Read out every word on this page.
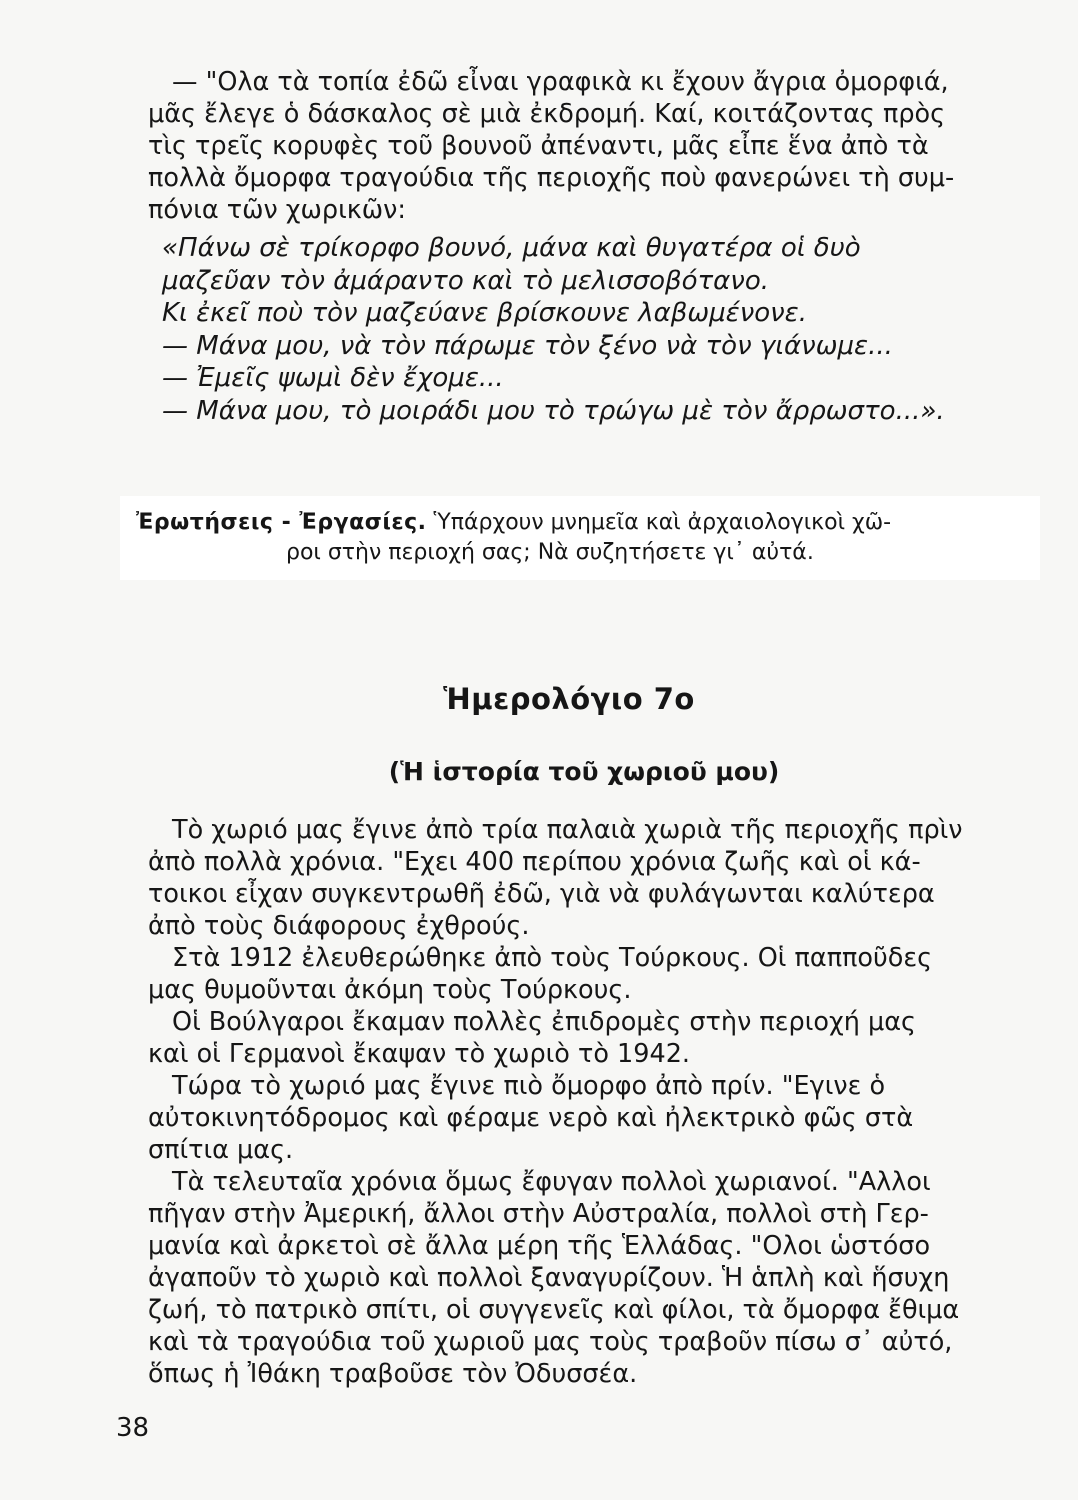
— "Ολα τὰ τοπία ἐδῶ εἶναι γραφικὰ κι ἔχουν ἄγρια ὀμορφιά,
μᾶς ἔλεγε ὁ δάσκαλος σὲ μιὰ ἐκδρομή. Καί, κοιτάζοντας πρὸς
τὶς τρεῖς κορυφὲς τοῦ βουνοῦ ἀπέναντι, μᾶς εἶπε ἕνα ἀπὸ τὰ
πολλὰ ὄμορφα τραγούδια τῆς περιοχῆς ποὺ φανερώνει τὴ συμ-
πόνια τῶν χωρικῶν:
«Πάνω σὲ τρίκορφο βουνό, μάνα καὶ θυγατέρα οἱ δυὸ
μαζεῦαν τὸν ἀμάραντο καὶ τὸ μελισσοβότανο.
Κι ἐκεῖ ποὺ τὸν μαζεύανε βρίσκουνε λαβωμένονε.
— Μάνα μου, νὰ τὸν πάρωμε τὸν ξένο νὰ τὸν γιάνωμε...
— Ἐμεῖς ψωμὶ δὲν ἔχομε...
— Μάνα μου, τὸ μοιράδι μου τὸ τρώγω μὲ τὸν ἄρρωστο...».
Ἐρωτήσεις - Ἐργασίες. Ὑπάρχουν μνημεῖα καὶ ἀρχαιολογικοὶ χῶ-
ροι στὴν περιοχή σας; Νὰ συζητήσετε γι᾽ αὐτά.
Ἡμερολόγιο 7ο
(Ἡ ἱστορία τοῦ χωριοῦ μου)
Τὸ χωριό μας ἔγινε ἀπὸ τρία παλαιὰ χωριὰ τῆς περιοχῆς πρὶν
ἀπὸ πολλὰ χρόνια. "Εχει 400 περίπου χρόνια ζωῆς καὶ οἱ κά-
τοικοι εἶχαν συγκεντρωθῆ ἐδῶ, γιὰ νὰ φυλάγωνται καλύτερα
ἀπὸ τοὺς διάφορους ἐχθρούς.
Στὰ 1912 ἐλευθερώθηκε ἀπὸ τοὺς Τούρκους. Οἱ παπποῦδες
μας θυμοῦνται ἀκόμη τοὺς Τούρκους.
Οἱ Βούλγαροι ἔκαμαν πολλὲς ἐπιδρομὲς στὴν περιοχή μας
καὶ οἱ Γερμανοὶ ἔκαψαν τὸ χωριὸ τὸ 1942.
Τώρα τὸ χωριό μας ἔγινε πιὸ ὄμορφο ἀπὸ πρίν. "Εγινε ὁ
αὐτοκινητόδρομος καὶ φέραμε νερὸ καὶ ἠλεκτρικὸ φῶς στὰ
σπίτια μας.
Τὰ τελευταῖα χρόνια ὅμως ἔφυγαν πολλοὶ χωριανοί. "Αλλοι
πῆγαν στὴν Ἀμερική, ἄλλοι στὴν Αὐστραλία, πολλοὶ στὴ Γερ-
μανία καὶ ἀρκετοὶ σὲ ἄλλα μέρη τῆς Ἑλλάδας. "Ολοι ὡστόσο
ἀγαποῦν τὸ χωριὸ καὶ πολλοὶ ξαναγυρίζουν. Ἡ ἁπλὴ καὶ ἥσυχη
ζωή, τὸ πατρικὸ σπίτι, οἱ συγγενεῖς καὶ φίλοι, τὰ ὄμορφα ἔθιμα
καὶ τὰ τραγούδια τοῦ χωριοῦ μας τοὺς τραβοῦν πίσω σ᾽ αὐτό,
ὅπως ἡ Ἰθάκη τραβοῦσε τὸν Ὀδυσσέα.
38
